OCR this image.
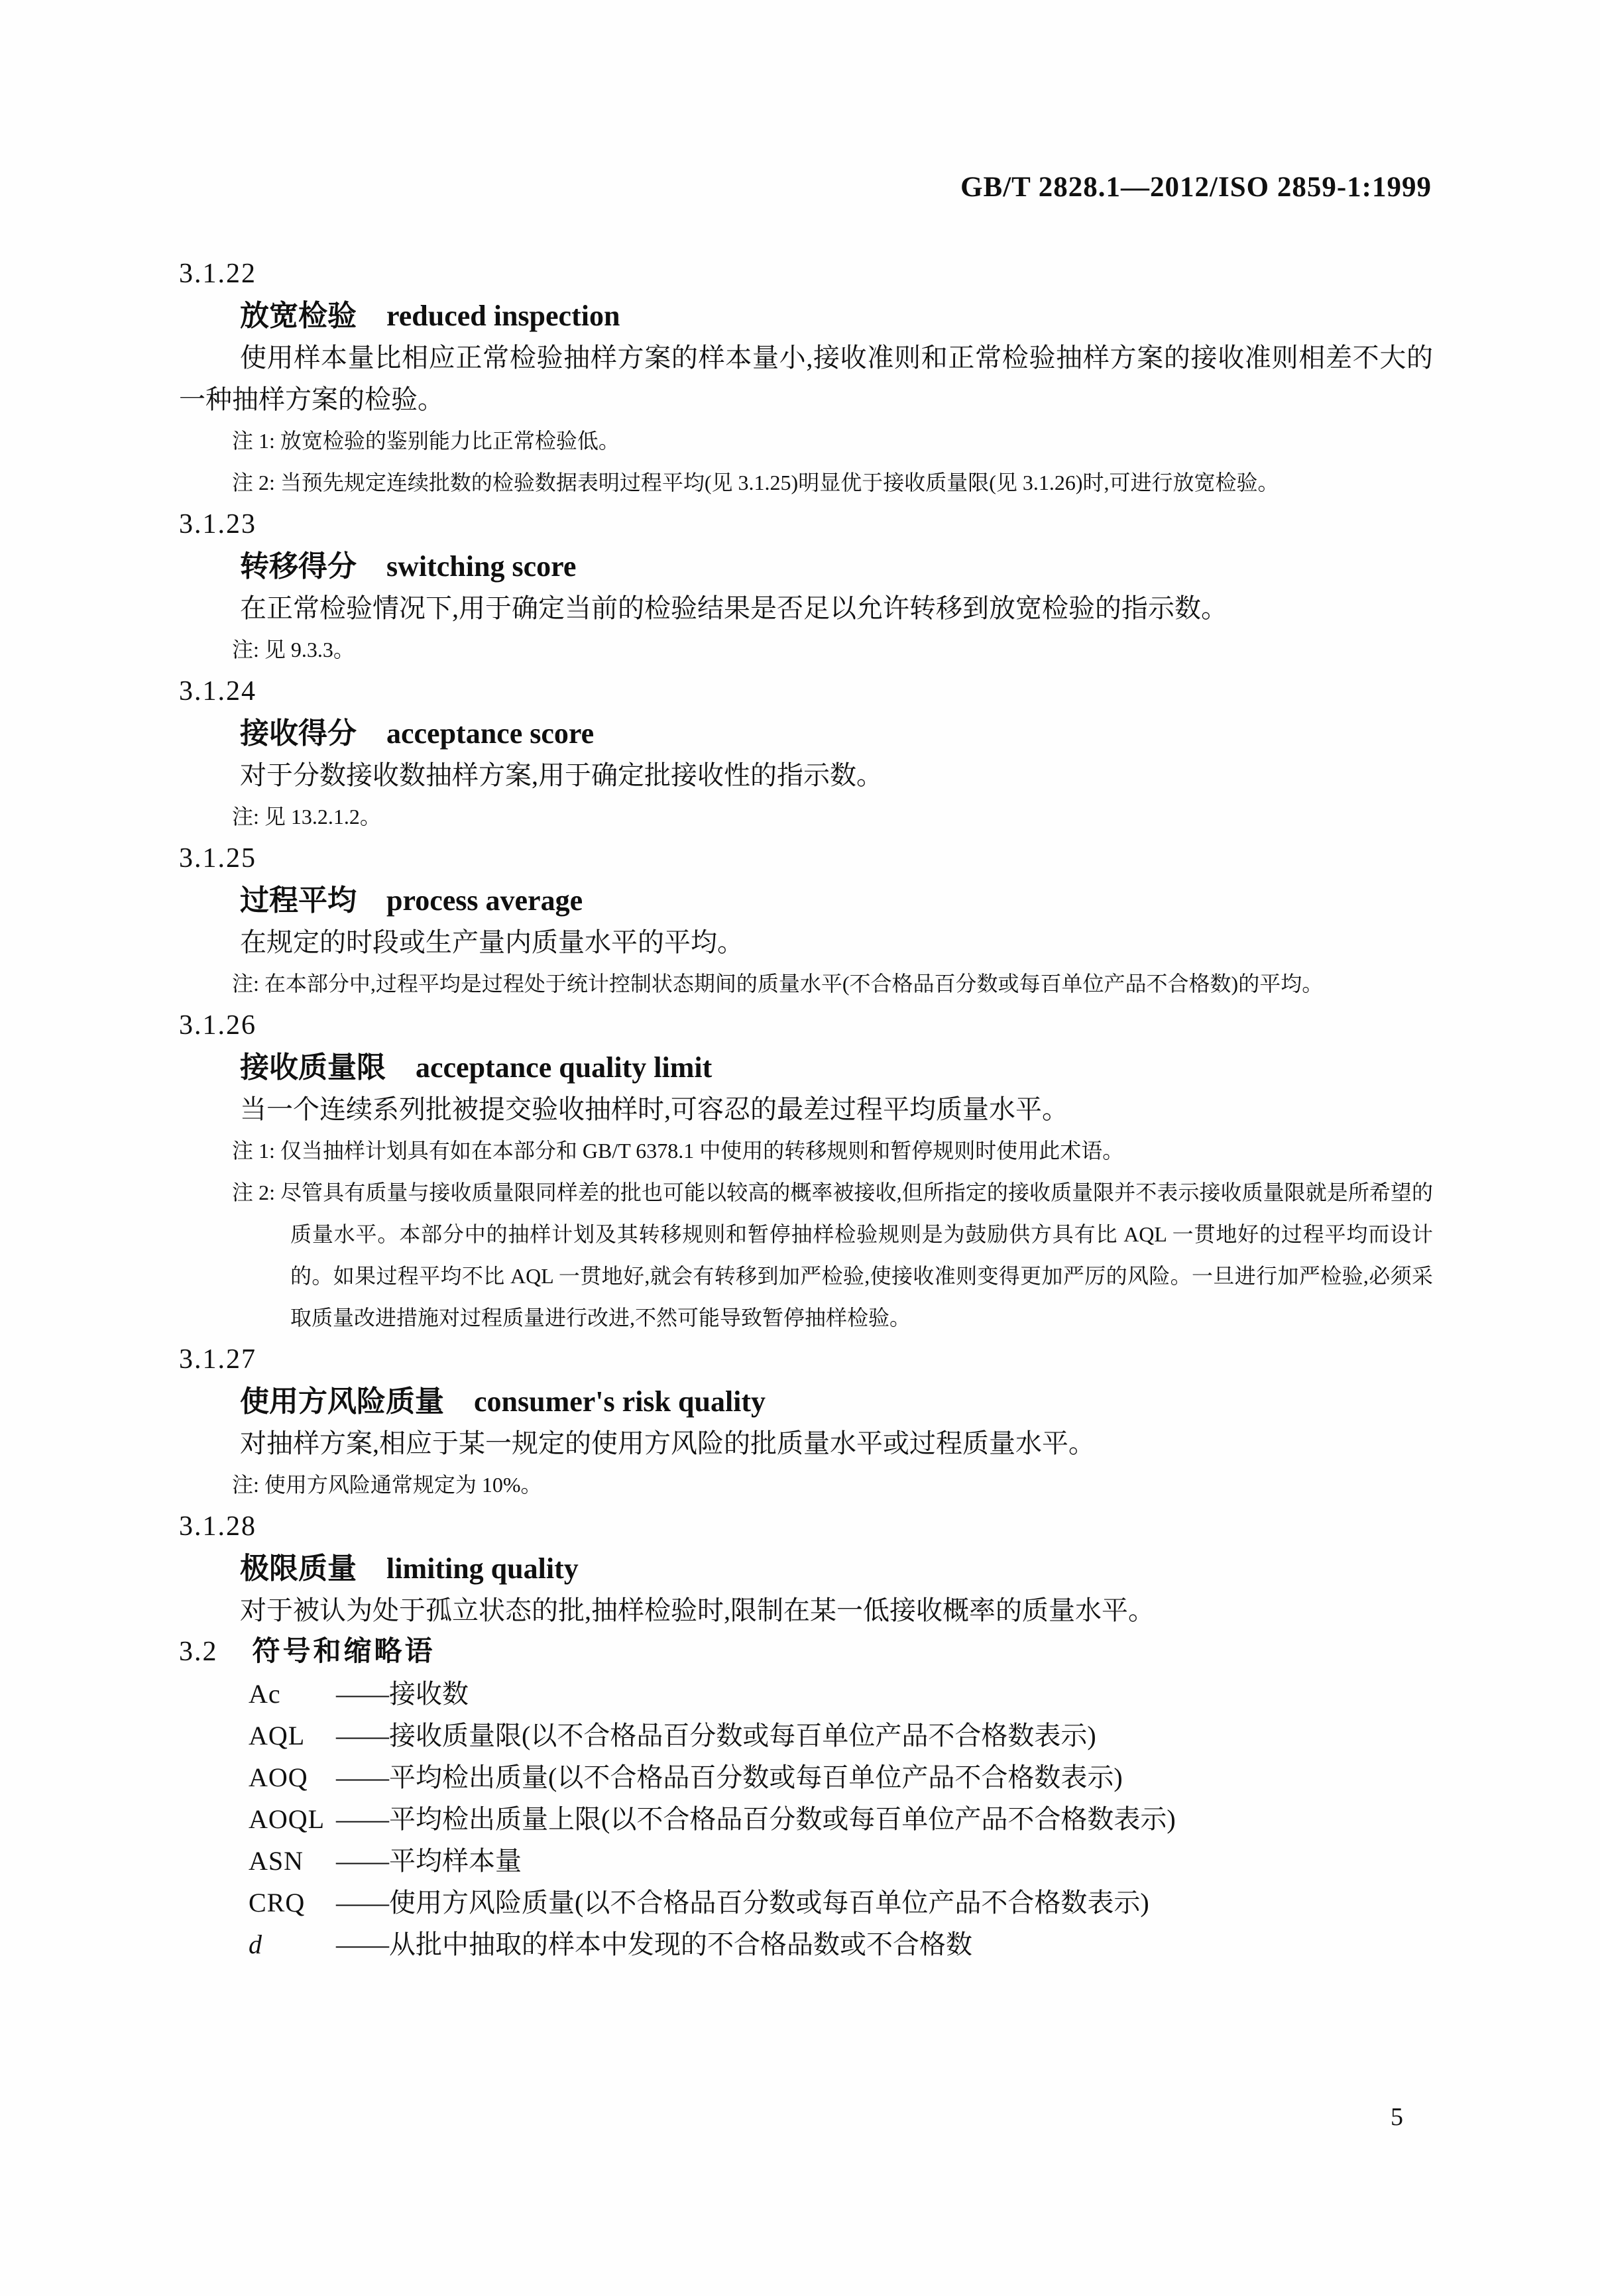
GB/T 2828.1—2012/ISO 2859-1:1999
3.1.22
放宽检验 reduced inspection
使用样本量比相应正常检验抽样方案的样本量小,接收准则和正常检验抽样方案的接收准则相差不大的一种抽样方案的检验。
注 1: 放宽检验的鉴别能力比正常检验低。
注 2: 当预先规定连续批数的检验数据表明过程平均(见 3.1.25)明显优于接收质量限(见 3.1.26)时,可进行放宽检验。
3.1.23
转移得分 switching score
在正常检验情况下,用于确定当前的检验结果是否足以允许转移到放宽检验的指示数。
注: 见 9.3.3。
3.1.24
接收得分 acceptance score
对于分数接收数抽样方案,用于确定批接收性的指示数。
注: 见 13.2.1.2。
3.1.25
过程平均 process average
在规定的时段或生产量内质量水平的平均。
注: 在本部分中,过程平均是过程处于统计控制状态期间的质量水平(不合格品百分数或每百单位产品不合格数)的平均。
3.1.26
接收质量限 acceptance quality limit
当一个连续系列批被提交验收抽样时,可容忍的最差过程平均质量水平。
注 1: 仅当抽样计划具有如在本部分和 GB/T 6378.1 中使用的转移规则和暂停规则时使用此术语。
注 2: 尽管具有质量与接收质量限同样差的批也可能以较高的概率被接收,但所指定的接收质量限并不表示接收质量限就是所希望的质量水平。本部分中的抽样计划及其转移规则和暂停抽样检验规则是为鼓励供方具有比 AQL 一贯地好的过程平均而设计的。如果过程平均不比 AQL 一贯地好,就会有转移到加严检验,使接收准则变得更加严厉的风险。一旦进行加严检验,必须采取质量改进措施对过程质量进行改进,不然可能导致暂停抽样检验。
3.1.27
使用方风险质量 consumer's risk quality
对抽样方案,相应于某一规定的使用方风险的批质量水平或过程质量水平。
注: 使用方风险通常规定为 10%。
3.1.28
极限质量 limiting quality
对于被认为处于孤立状态的批,抽样检验时,限制在某一低接收概率的质量水平。
3.2 符号和缩略语
Ac	——接收数
AQL	——接收质量限(以不合格品百分数或每百单位产品不合格数表示)
AOQ	——平均检出质量(以不合格品百分数或每百单位产品不合格数表示)
AOQL ——平均检出质量上限(以不合格品百分数或每百单位产品不合格数表示)
ASN	——平均样本量
CRQ	——使用方风险质量(以不合格品百分数或每百单位产品不合格数表示)
d	——从批中抽取的样本中发现的不合格品数或不合格数
5
